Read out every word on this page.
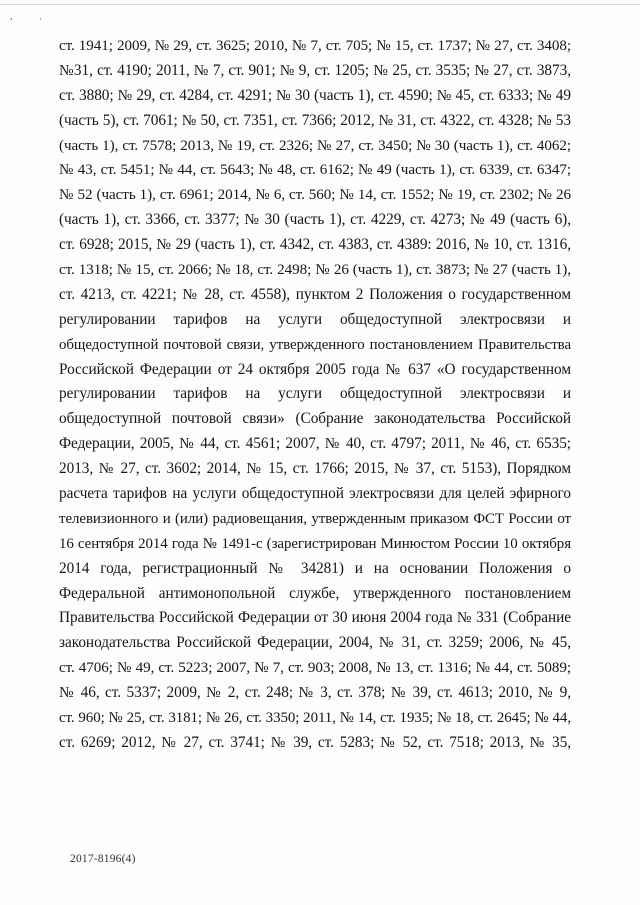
,	·
ст. 1941; 2009, № 29, ст. 3625; 2010, № 7, ст. 705; № 15, ст. 1737; № 27, ст. 3408;
№31, ст. 4190; 2011, № 7, ст. 901; № 9, ст. 1205; № 25, ст. 3535; № 27, ст. 3873,
ст. 3880; № 29, ст. 4284, ст. 4291; № 30 (часть 1), ст. 4590; № 45, ст. 6333; № 49
(часть 5), ст. 7061; № 50, ст. 7351, ст. 7366; 2012, № 31, ст. 4322, ст. 4328; № 53
(часть 1), ст. 7578; 2013, № 19, ст. 2326; № 27, ст. 3450; № 30 (часть 1), ст. 4062;
№ 43, ст. 5451; № 44, ст. 5643; № 48, ст. 6162; № 49 (часть 1), ст. 6339, ст. 6347;
№ 52 (часть 1), ст. 6961; 2014, № 6, ст. 560; № 14, ст. 1552; № 19, ст. 2302; № 26
(часть 1), ст. 3366, ст. 3377; № 30 (часть 1), ст. 4229, ст. 4273; № 49 (часть 6),
ст. 6928; 2015, № 29 (часть 1), ст. 4342, ст. 4383, ст. 4389: 2016, № 10, ст. 1316,
ст. 1318; № 15, ст. 2066; № 18, ст. 2498; № 26 (часть 1), ст. 3873; № 27 (часть 1),
ст. 4213, ст. 4221; № 28, ст. 4558), пунктом 2 Положения о государственном
регулировании тарифов на услуги общедоступной электросвязи и
общедоступной почтовой связи, утвержденного постановлением Правительства
Российской Федерации от 24 октября 2005 года № 637 «О государственном
регулировании тарифов на услуги общедоступной электросвязи и
общедоступной почтовой связи» (Собрание законодательства Российской
Федерации, 2005, № 44, ст. 4561; 2007, № 40, ст. 4797; 2011, № 46, ст. 6535;
2013, № 27, ст. 3602; 2014, № 15, ст. 1766; 2015, № 37, ст. 5153), Порядком
расчета тарифов на услуги общедоступной электросвязи для целей эфирного
телевизионного и (или) радиовещания, утвержденным приказом ФСТ России от
16 сентября 2014 года № 1491-с (зарегистрирован Минюстом России 10 октября
2014 года, регистрационный № 34281) и на основании Положения о
Федеральной антимонопольной службе, утвержденного постановлением
Правительства Российской Федерации от 30 июня 2004 года № 331 (Собрание
законодательства Российской Федерации, 2004, № 31, ст. 3259; 2006, № 45,
ст. 4706; № 49, ст. 5223; 2007, № 7, ст. 903; 2008, № 13, ст. 1316; № 44, ст. 5089;
№ 46, ст. 5337; 2009, № 2, ст. 248; № 3, ст. 378; № 39, ст. 4613; 2010, № 9,
ст. 960; № 25, ст. 3181; № 26, ст. 3350; 2011, № 14, ст. 1935; № 18, ст. 2645; № 44,
ст. 6269; 2012, № 27, ст. 3741; № 39, ст. 5283; № 52, ст. 7518; 2013, № 35,
2017-8196(4)
